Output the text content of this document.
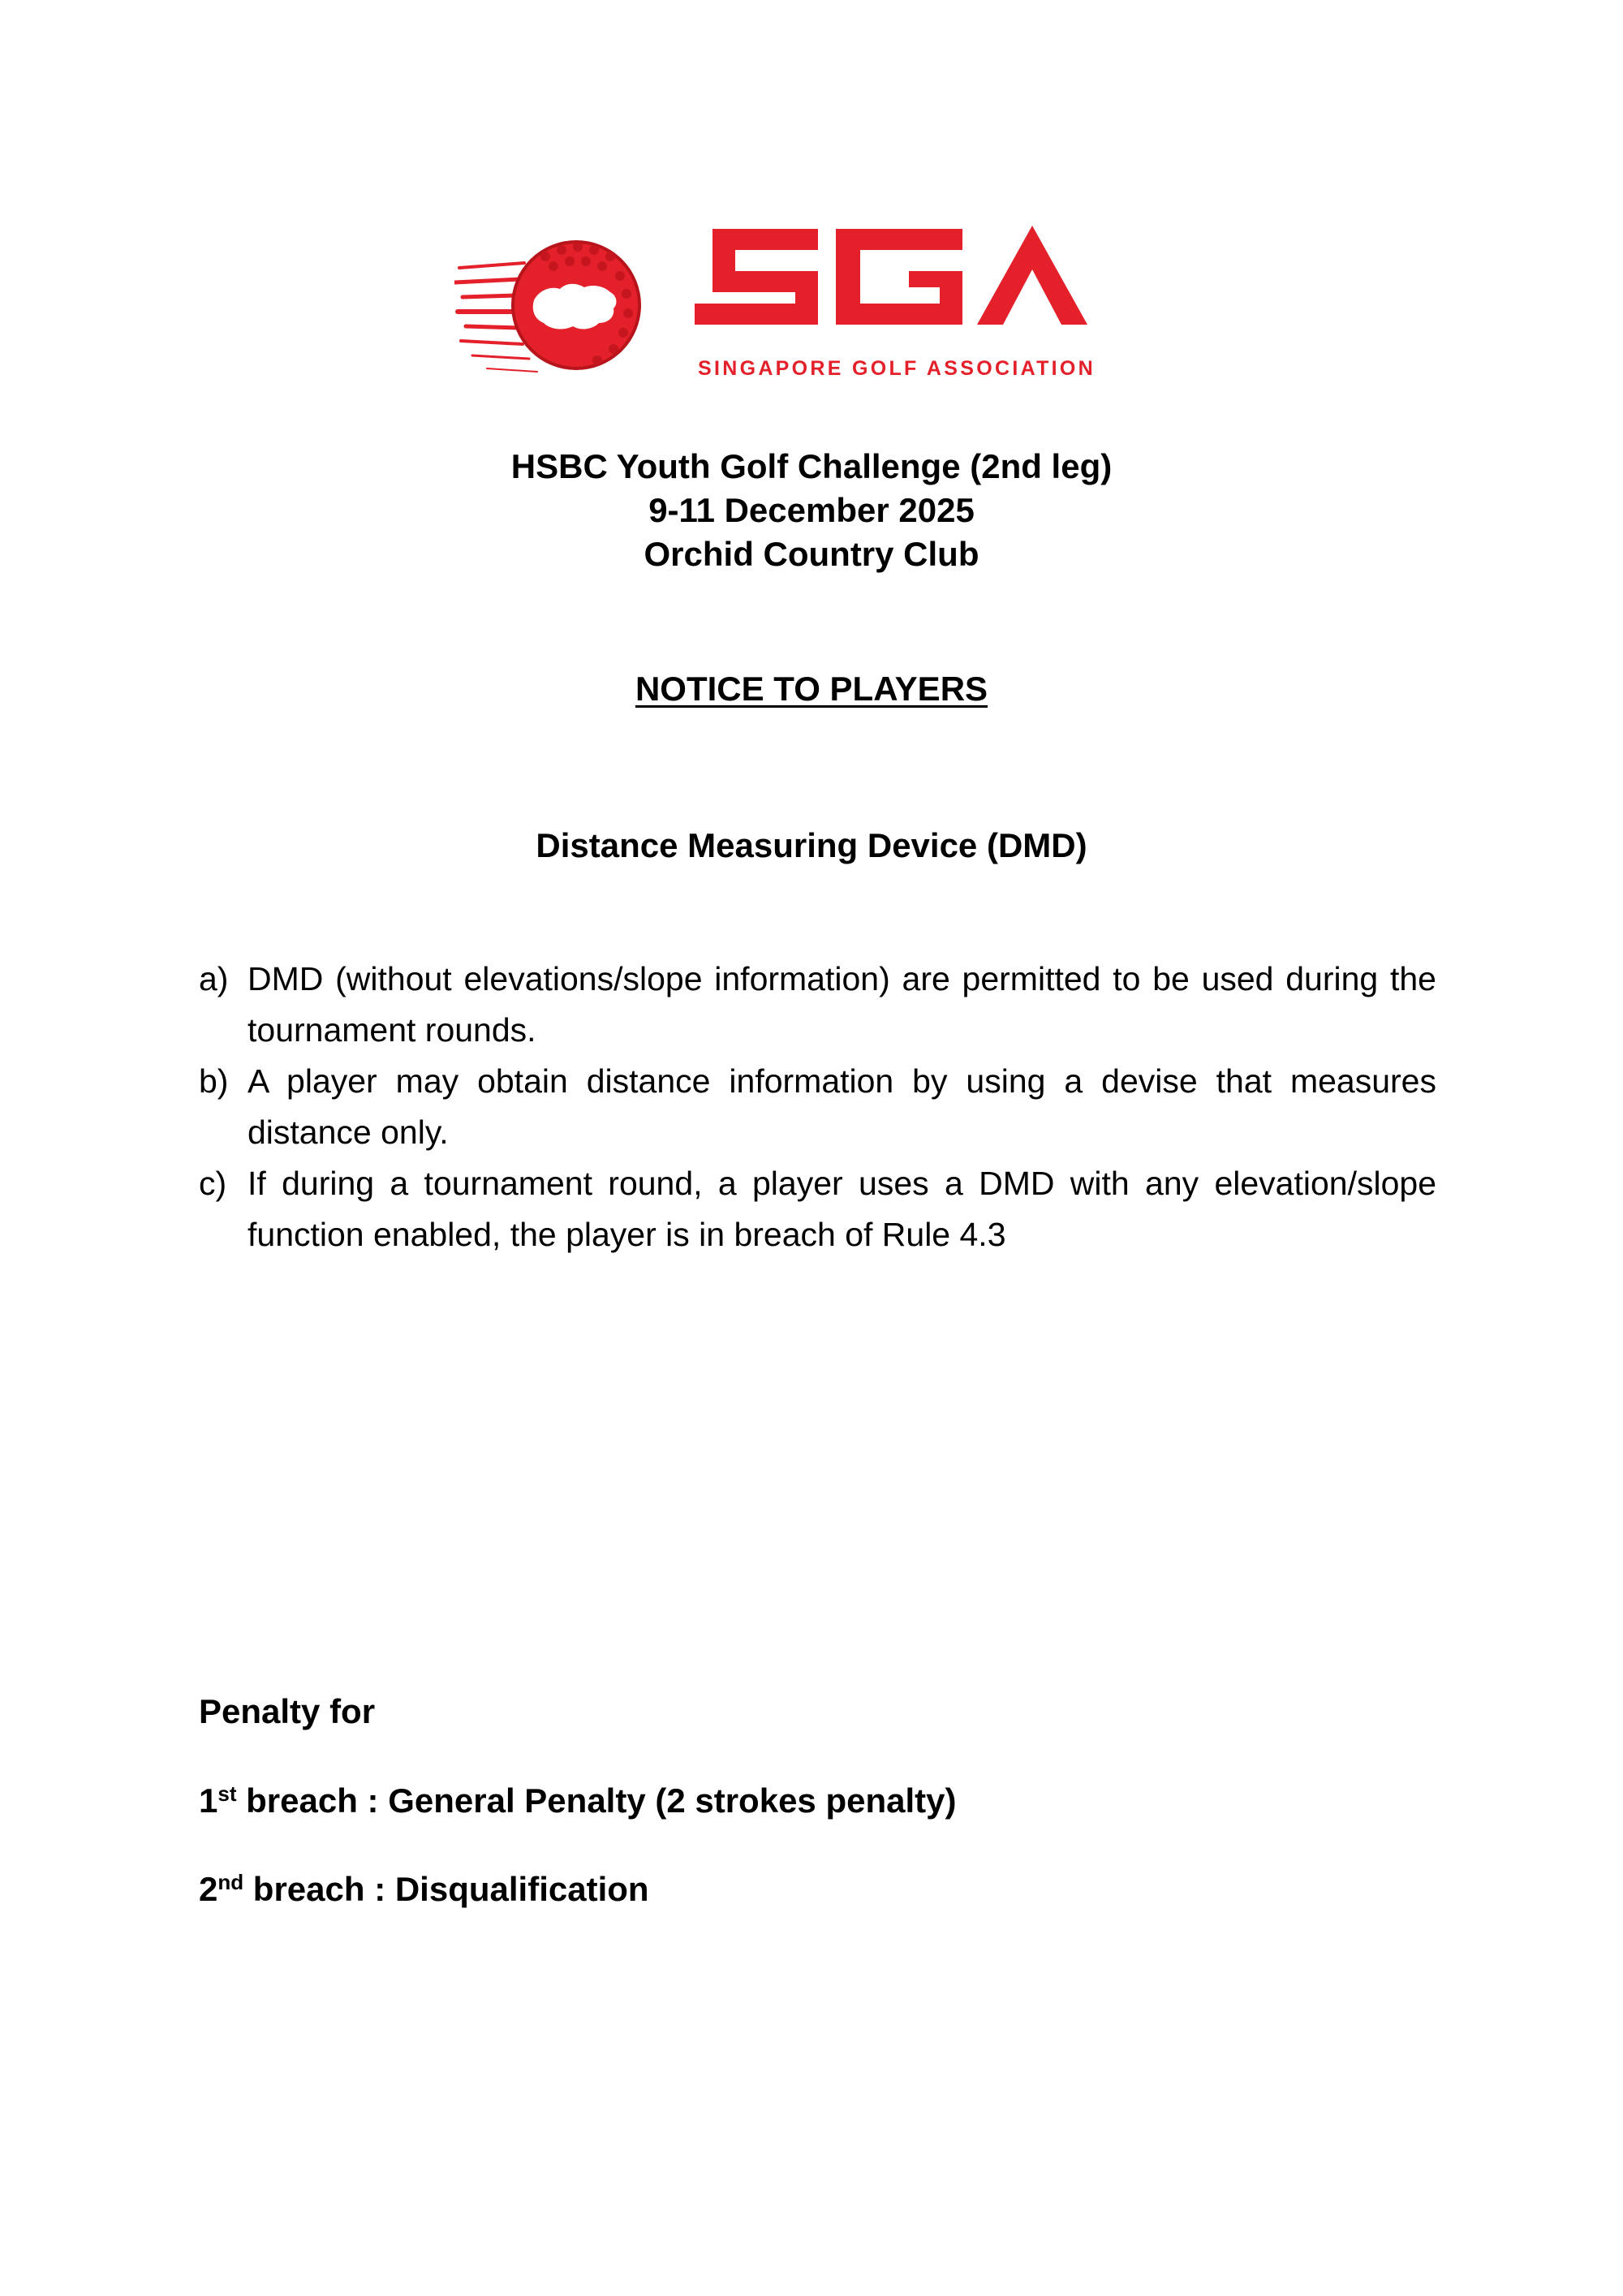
SINGAPORE GOLF ASSOCIATION
HSBC Youth Golf Challenge (2nd leg)
9-11 December 2025
Orchid Country Club
NOTICE TO PLAYERS
Distance Measuring Device (DMD)
a) DMD (without elevations/slope information) are permitted to be used during the tournament rounds.
b) A player may obtain distance information by using a devise that measures distance only.
c) If during a tournament round, a player uses a DMD with any elevation/slope function enabled, the player is in breach of Rule 4.3
Penalty for
1st breach : General Penalty (2 strokes penalty)
2nd breach : Disqualification
